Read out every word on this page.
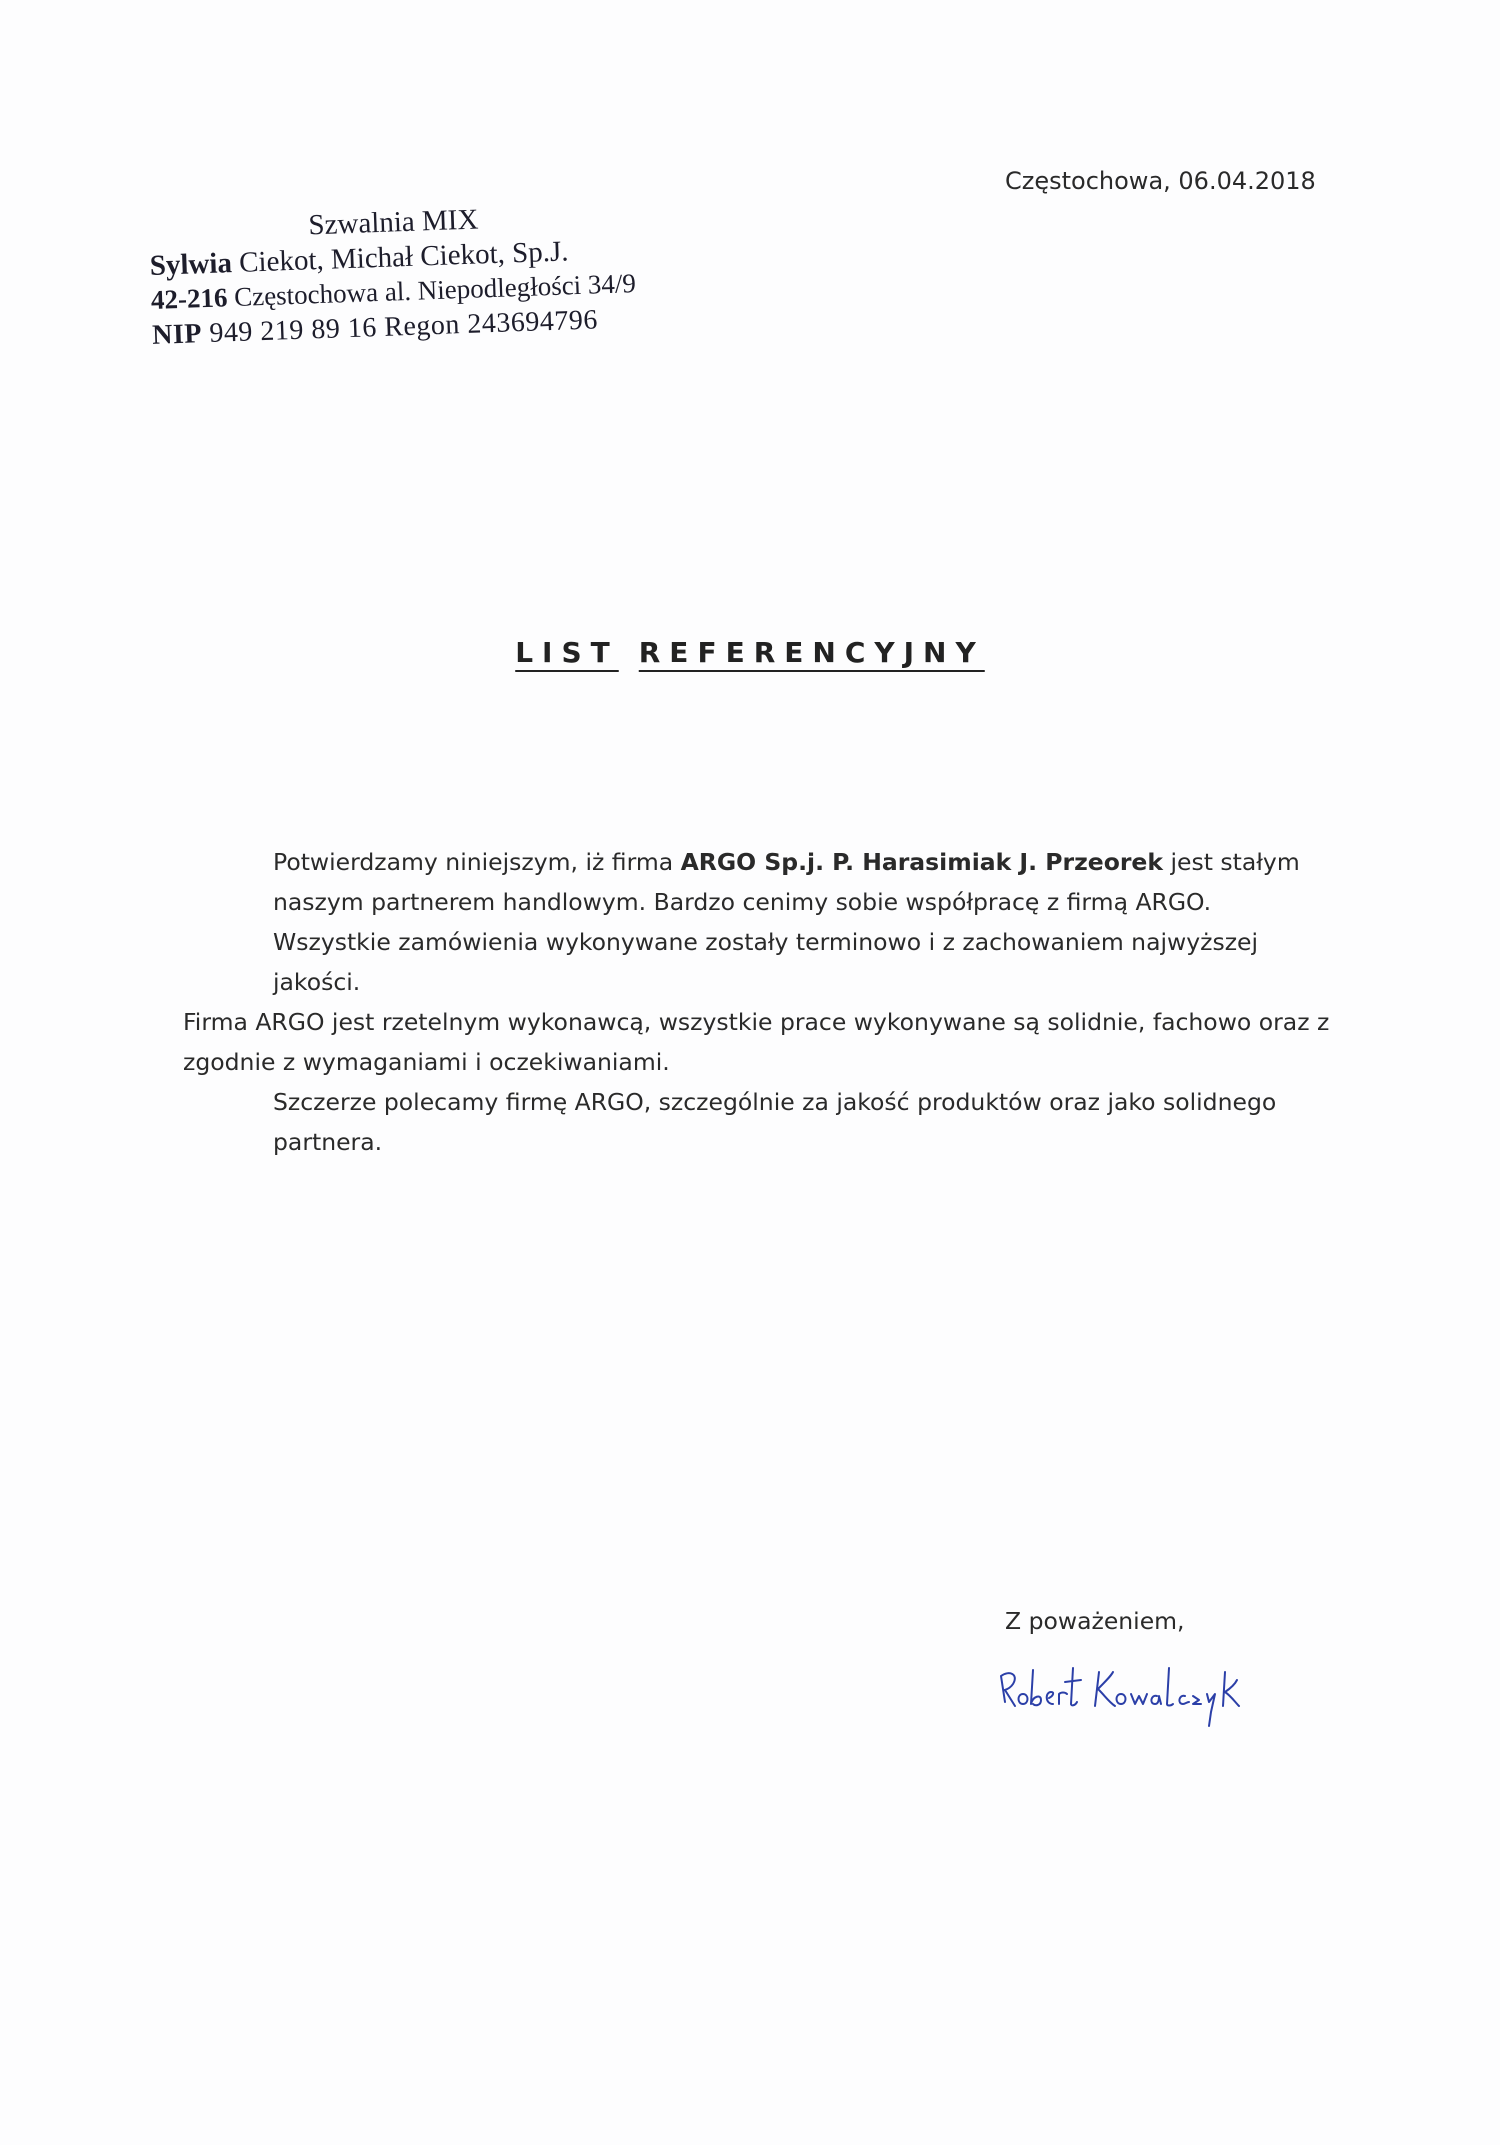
Częstochowa, 06.04.2018
Szwalnia MIX
Sylwia Ciekot, Michał Ciekot, Sp.J.
42-216 Częstochowa al. Niepodległości 34/9
NIP 949 219 89 16 Regon 243694796
LIST REFERENCYJNY

Potwierdzamy niniejszym, iż firma ARGO Sp.j. P. Harasimiak J. Przeorek jest stałym naszym partnerem handlowym. Bardzo cenimy sobie współpracę z firmą ARGO. Wszystkie zamówienia wykonywane zostały terminowo i z zachowaniem najwyższej jakości.

Firma ARGO jest rzetelnym wykonawcą, wszystkie prace wykonywane są solidnie, fachowo oraz z zgodnie z wymaganiami i oczekiwaniami.

Szczerze polecamy firmę ARGO, szczególnie za jakość produktów oraz jako solidnego partnera.

Z poważeniem,
